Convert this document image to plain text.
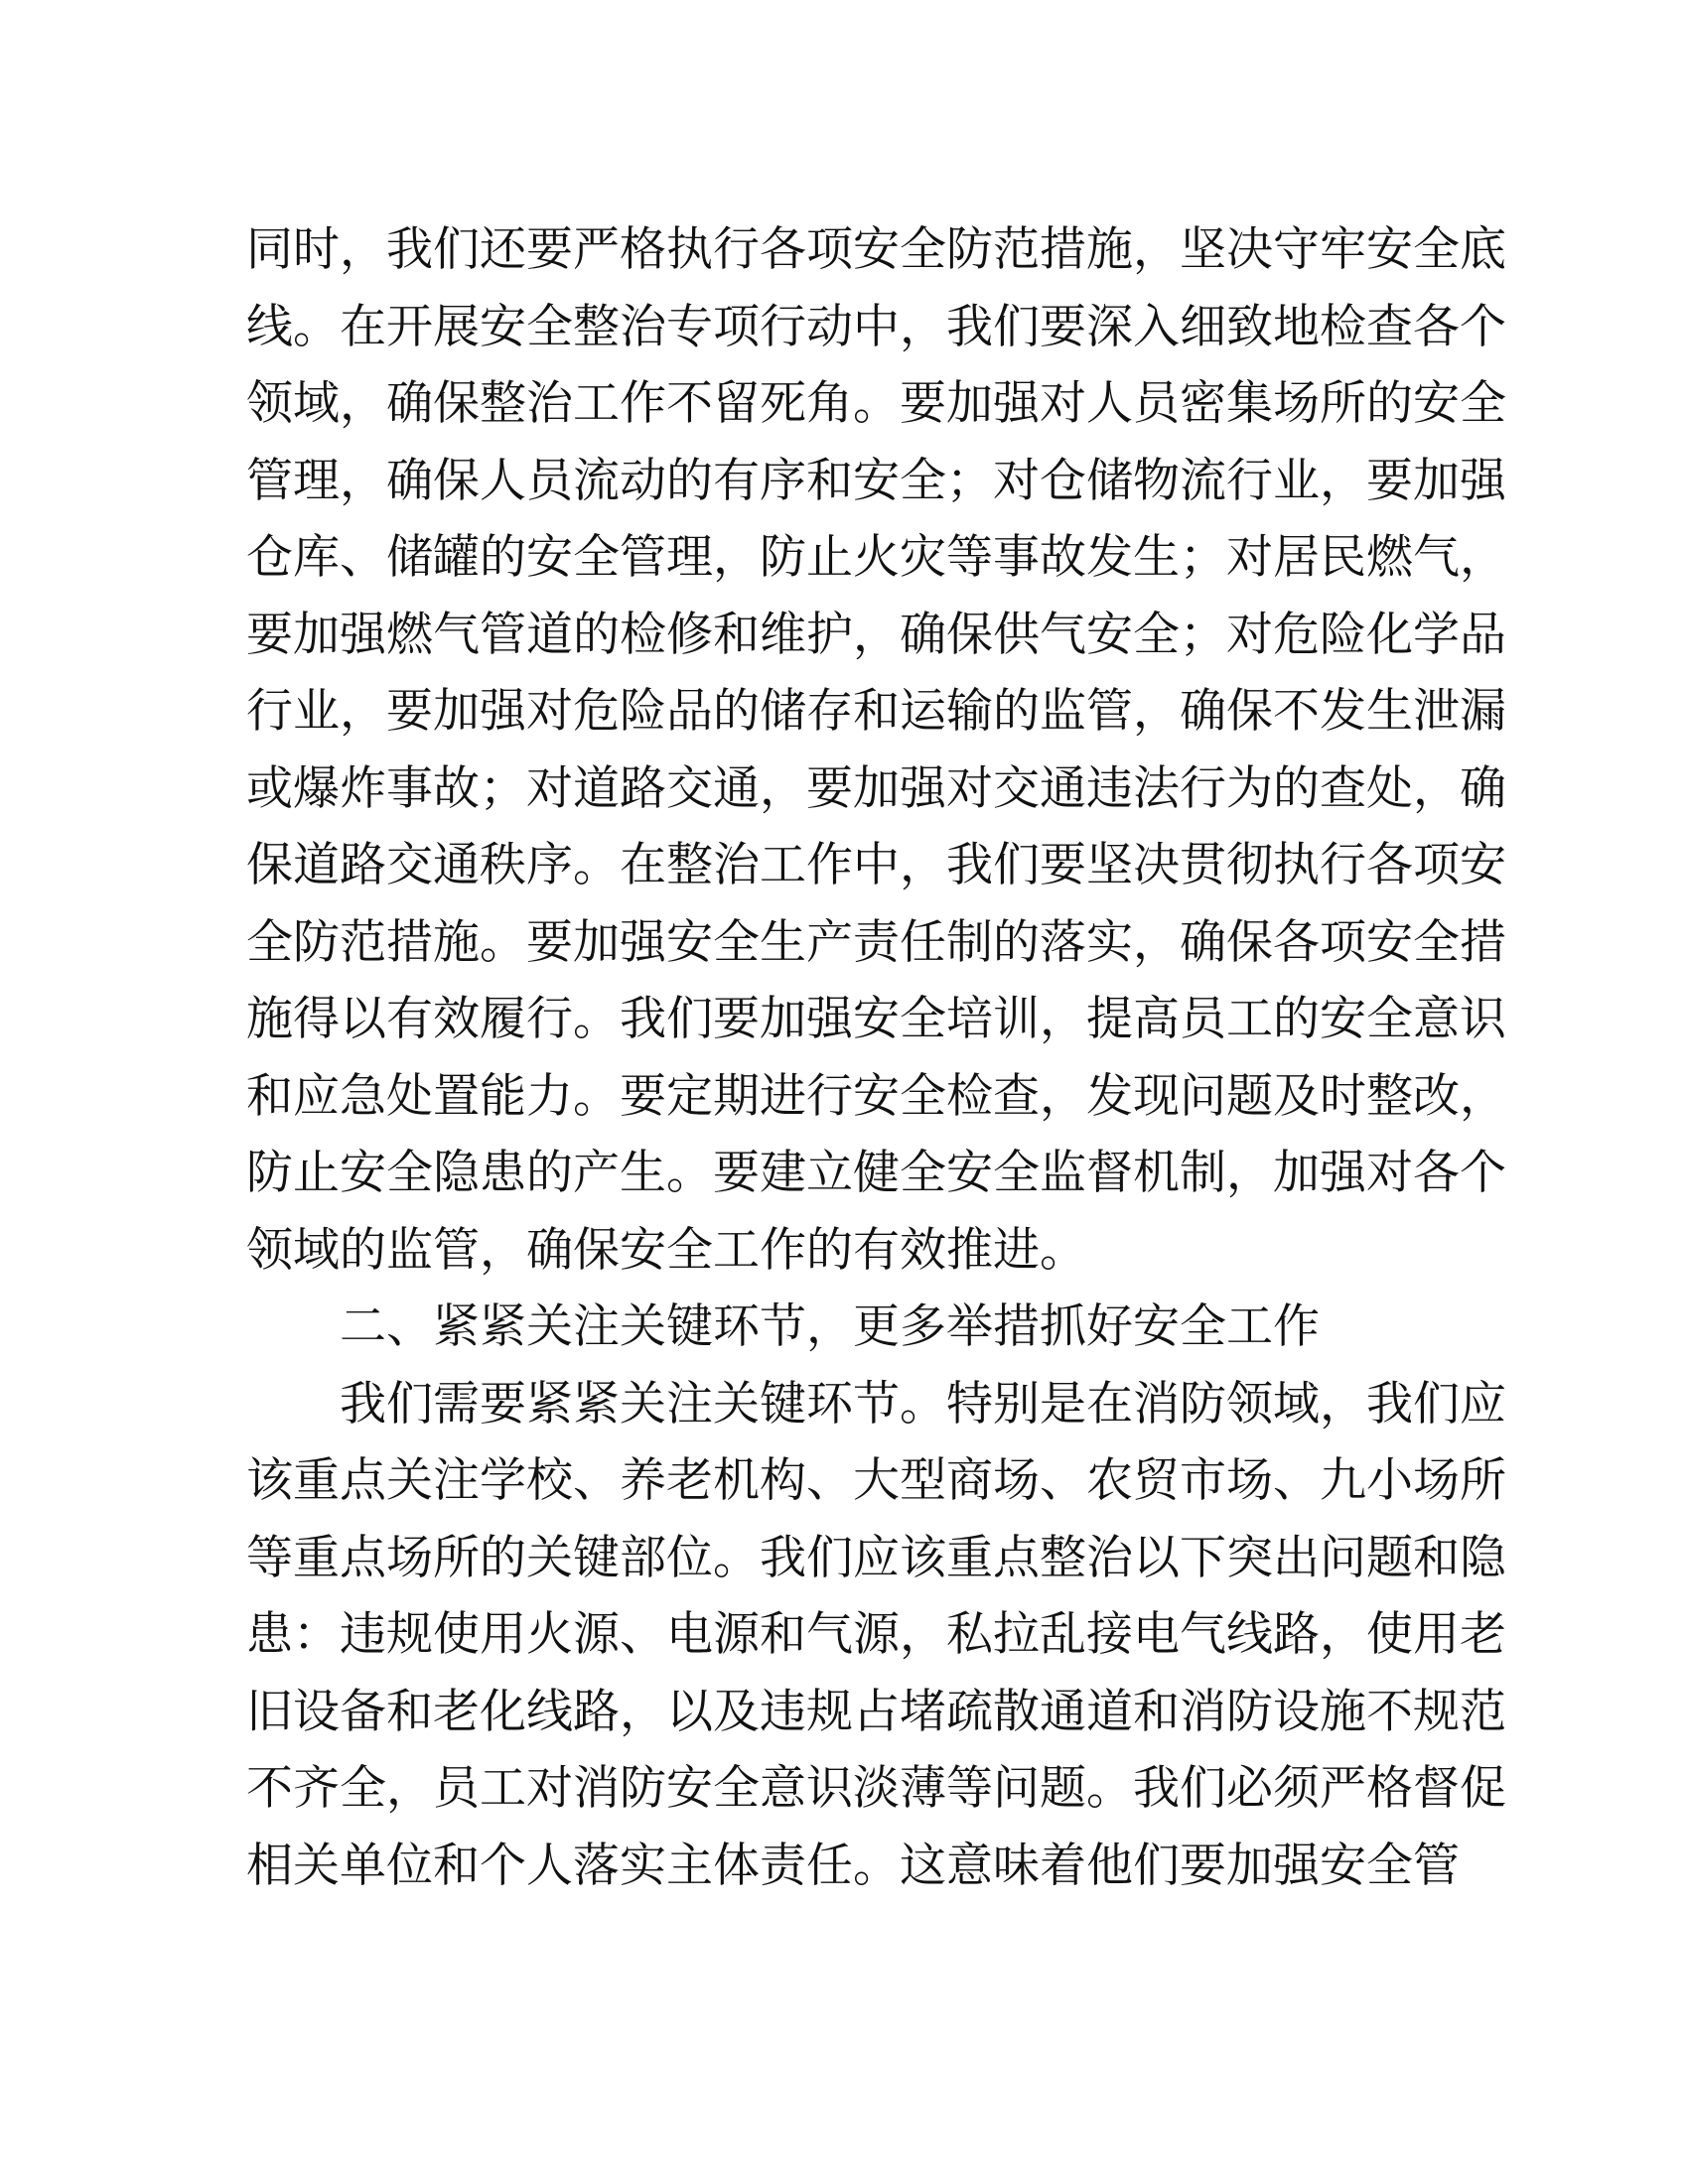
同时，我们还要严格执行各项安全防范措施，坚决守牢安全底
线。在开展安全整治专项行动中，我们要深入细致地检查各个
领域，确保整治工作不留死角。要加强对人员密集场所的安全
管理，确保人员流动的有序和安全；对仓储物流行业，要加强
仓库、储罐的安全管理，防止火灾等事故发生；对居民燃气，
要加强燃气管道的检修和维护，确保供气安全；对危险化学品
行业，要加强对危险品的储存和运输的监管，确保不发生泄漏
或爆炸事故；对道路交通，要加强对交通违法行为的查处，确
保道路交通秩序。在整治工作中，我们要坚决贯彻执行各项安
全防范措施。要加强安全生产责任制的落实，确保各项安全措
施得以有效履行。我们要加强安全培训，提高员工的安全意识
和应急处置能力。要定期进行安全检查，发现问题及时整改，
防止安全隐患的产生。要建立健全安全监督机制，加强对各个
领域的监管，确保安全工作的有效推进。
二、紧紧关注关键环节，更多举措抓好安全工作
我们需要紧紧关注关键环节。特别是在消防领域，我们应
该重点关注学校、养老机构、大型商场、农贸市场、九小场所
等重点场所的关键部位。我们应该重点整治以下突出问题和隐
患：违规使用火源、电源和气源，私拉乱接电气线路，使用老
旧设备和老化线路，以及违规占堵疏散通道和消防设施不规范
不齐全，员工对消防安全意识淡薄等问题。我们必须严格督促
相关单位和个人落实主体责任。这意味着他们要加强安全管
